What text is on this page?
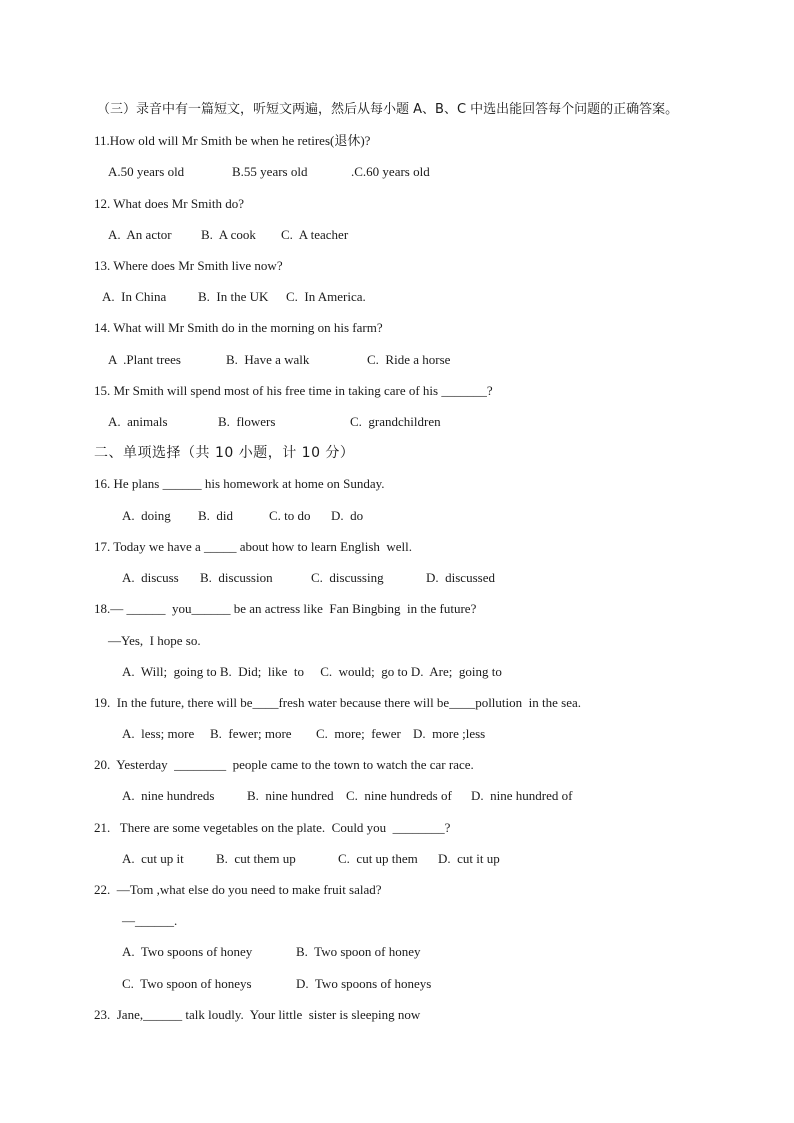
（三）录音中有一篇短文，听短文两遍，然后从每小题 A、B、C 中选出能回答每个问题的正确答案。
11.How old will Mr Smith be when he retires(退休)?
A.50 years old	B.55 years old	.C.60 years old
12. What does Mr Smith do?
A.  An actor B.  A cook C.  A teacher
13. Where does Mr Smith live now?
A.  In China B.  In the UK C.  In America.
14. What will Mr Smith do in the morning on his farm?
A  .Plant trees	B.  Have a walk	C.  Ride a horse
15. Mr Smith will spend most of his free time in taking care of his _______?
A.  animals	B.  flowers	C.  grandchildren
二、单项选择（共 10 小题，计 10 分）
16. He plans ______ his homework at home on Sunday.
A.  doing B.  did	C. to do D.  do
17. Today we have a _____ about how to learn English  well.
A.  discuss B.  discussion	C.  discussing	D.  discussed
18.— ______  you______ be an actress like  Fan Bingbing  in the future?
—Yes,  I hope so.
A.  Will;  going to B.  Did;  like  to     C.  would;  go to D.  Are;  going to
19.  In the future, there will be____fresh water because there will be____pollution  in the sea.
A.  less; more B.  fewer; more C.  more;  fewer D.  more ;less
20.  Yesterday  ________  people came to the town to watch the car race.
A.  nine hundreds	B.  nine hundred C.  nine hundreds of D.  nine hundred of
21.   There are some vegetables on the plate.  Could you  ________?
A.  cut up it B.  cut them up	C.  cut up them D.  cut it up
22.  —Tom ,what else do you need to make fruit salad?
—______.
A.  Two spoons of honey	B.  Two spoon of honey
C.  Two spoon of honeys	D.  Two spoons of honeys
23.  Jane,______ talk loudly.  Your little  sister is sleeping now
